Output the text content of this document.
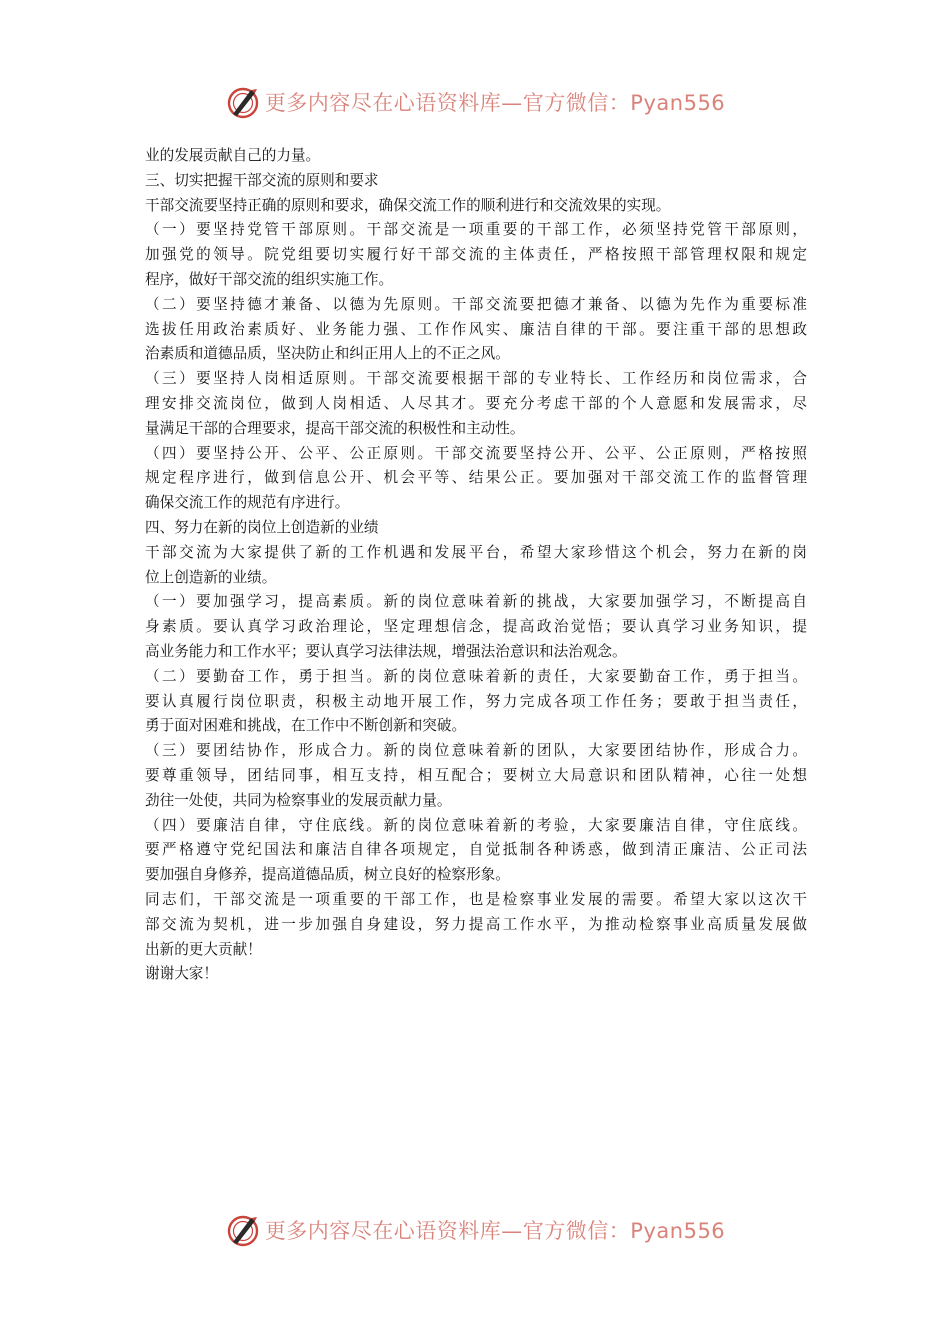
更多内容尽在心语资料库—官方微信：Pyan556
业的发展贡献自己的力量。
三、切实把握干部交流的原则和要求
干部交流要坚持正确的原则和要求，确保交流工作的顺利进行和交流效果的实现。
（一）要坚持党管干部原则。干部交流是一项重要的干部工作，必须坚持党管干部原则，
加强党的领导。院党组要切实履行好干部交流的主体责任，严格按照干部管理权限和规定
程序，做好干部交流的组织实施工作。
（二）要坚持德才兼备、以德为先原则。干部交流要把德才兼备、以德为先作为重要标准
选拔任用政治素质好、业务能力强、工作作风实、廉洁自律的干部。要注重干部的思想政
治素质和道德品质，坚决防止和纠正用人上的不正之风。
（三）要坚持人岗相适原则。干部交流要根据干部的专业特长、工作经历和岗位需求，合
理安排交流岗位，做到人岗相适、人尽其才。要充分考虑干部的个人意愿和发展需求，尽
量满足干部的合理要求，提高干部交流的积极性和主动性。
（四）要坚持公开、公平、公正原则。干部交流要坚持公开、公平、公正原则，严格按照
规定程序进行，做到信息公开、机会平等、结果公正。要加强对干部交流工作的监督管理
确保交流工作的规范有序进行。
四、努力在新的岗位上创造新的业绩
干部交流为大家提供了新的工作机遇和发展平台，希望大家珍惜这个机会，努力在新的岗
位上创造新的业绩。
（一）要加强学习，提高素质。新的岗位意味着新的挑战，大家要加强学习，不断提高自
身素质。要认真学习政治理论，坚定理想信念，提高政治觉悟；要认真学习业务知识，提
高业务能力和工作水平；要认真学习法律法规，增强法治意识和法治观念。
（二）要勤奋工作，勇于担当。新的岗位意味着新的责任，大家要勤奋工作，勇于担当。
要认真履行岗位职责，积极主动地开展工作，努力完成各项工作任务；要敢于担当责任，
勇于面对困难和挑战，在工作中不断创新和突破。
（三）要团结协作，形成合力。新的岗位意味着新的团队，大家要团结协作，形成合力。
要尊重领导，团结同事，相互支持，相互配合；要树立大局意识和团队精神，心往一处想
劲往一处使，共同为检察事业的发展贡献力量。
（四）要廉洁自律，守住底线。新的岗位意味着新的考验，大家要廉洁自律，守住底线。
要严格遵守党纪国法和廉洁自律各项规定，自觉抵制各种诱惑，做到清正廉洁、公正司法
要加强自身修养，提高道德品质，树立良好的检察形象。
同志们，干部交流是一项重要的干部工作，也是检察事业发展的需要。希望大家以这次干
部交流为契机，进一步加强自身建设，努力提高工作水平，为推动检察事业高质量发展做
出新的更大贡献！
谢谢大家！
更多内容尽在心语资料库—官方微信：Pyan556
